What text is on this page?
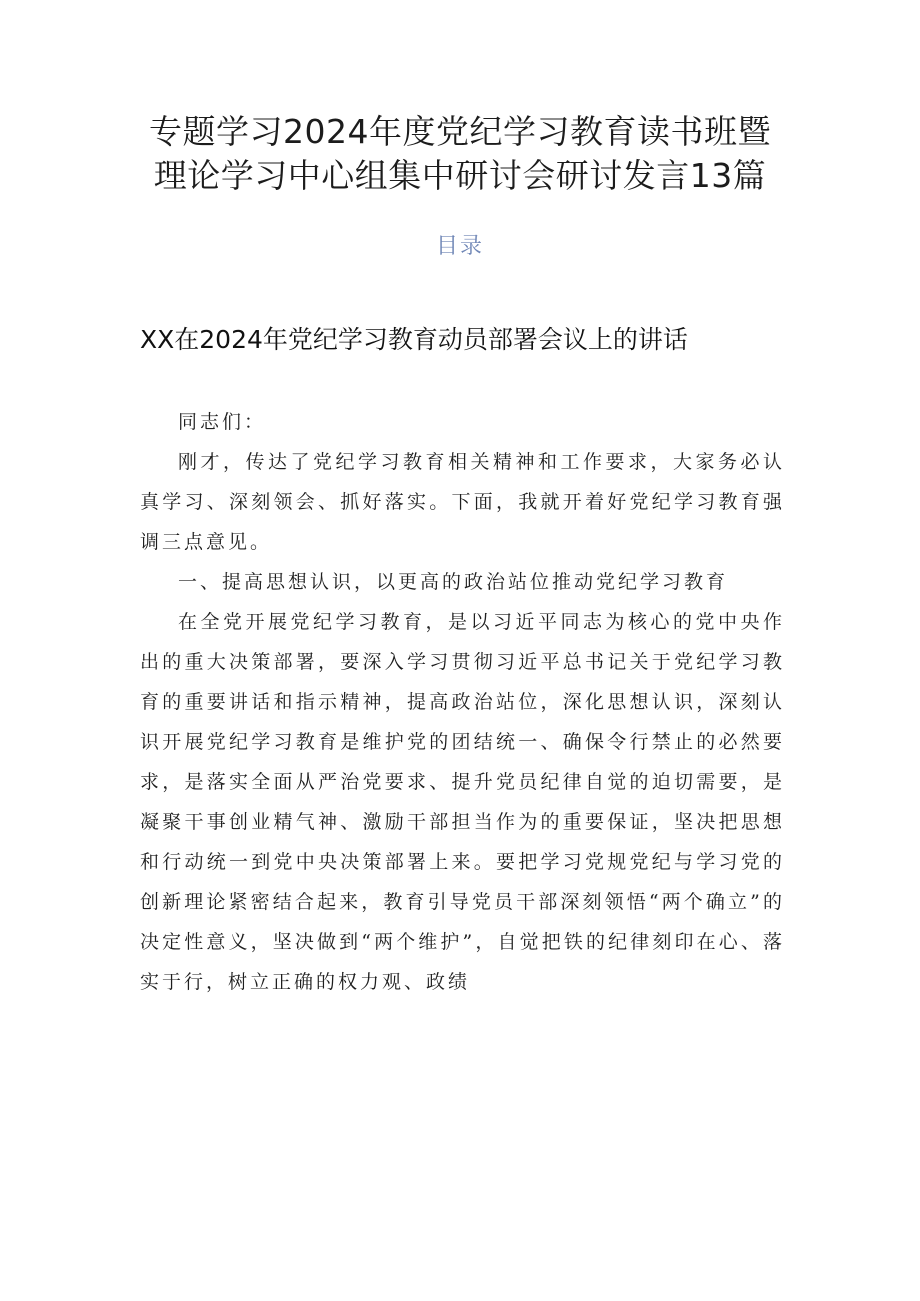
专题学习2024年度党纪学习教育读书班暨
理论学习中心组集中研讨会研讨发言13篇
目录
XX在2024年党纪学习教育动员部署会议上的讲话

同志们：

刚才，传达了党纪学习教育相关精神和工作要求，大家务必认真学习、深刻领会、抓好落实。下面，我就开着好党纪学习教育强调三点意见。

一、提高思想认识，以更高的政治站位推动党纪学习教育

在全党开展党纪学习教育，是以习近平同志为核心的党中央作出的重大决策部署，要深入学习贯彻习近平总书记关于党纪学习教育的重要讲话和指示精神，提高政治站位，深化思想认识，深刻认识开展党纪学习教育是维护党的团结统一、确保令行禁止的必然要求，是落实全面从严治党要求、提升党员纪律自觉的迫切需要，是凝聚干事创业精气神、激励干部担当作为的重要保证，坚决把思想和行动统一到党中央决策部署上来。要把学习党规党纪与学习党的创新理论紧密结合起来，教育引导党员干部深刻领悟“两个确立”的决定性意义，坚决做到“两个维护”，自觉把铁的纪律刻印在心、落实于行，树立正确的权力观、政绩
